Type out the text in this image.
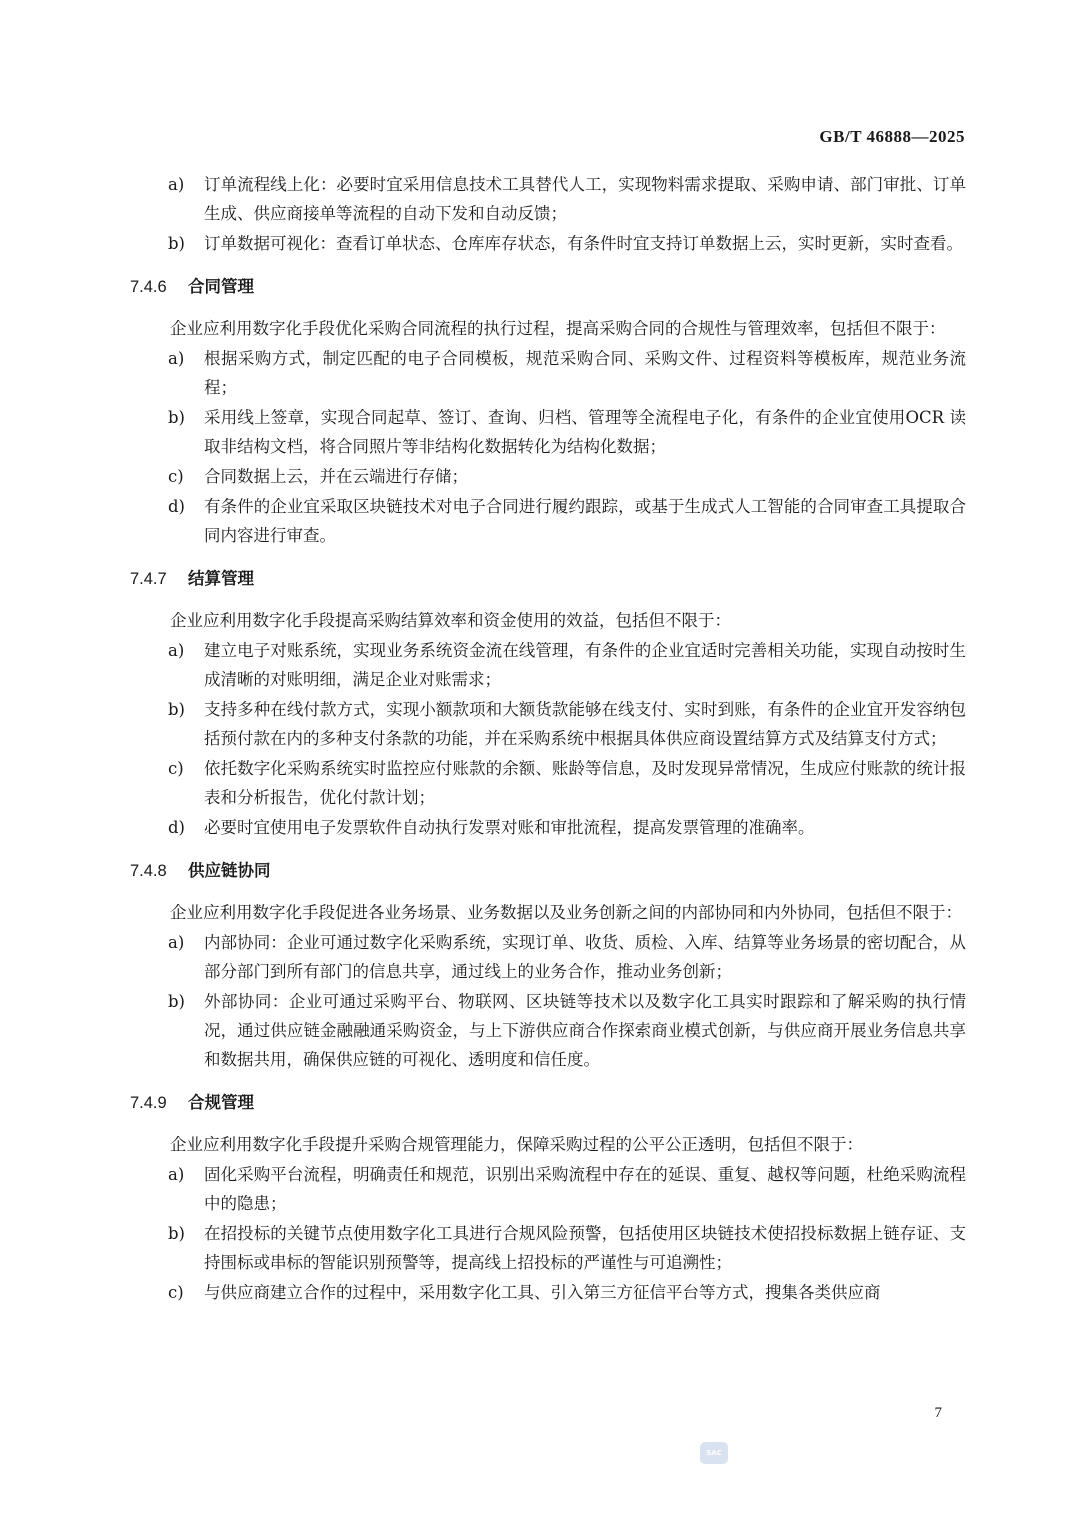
GB/T 46888—2025
a) 订单流程线上化：必要时宜采用信息技术工具替代人工，实现物料需求提取、采购申请、部门审批、订单生成、供应商接单等流程的自动下发和自动反馈；
b) 订单数据可视化：查看订单状态、仓库库存状态，有条件时宜支持订单数据上云，实时更新，实时查看。
7.4.6 合同管理

企业应利用数字化手段优化采购合同流程的执行过程，提高采购合同的合规性与管理效率，包括但不限于：

a) 根据采购方式，制定匹配的电子合同模板，规范采购合同、采购文件、过程资料等模板库，规范业务流程；
b) 采用线上签章，实现合同起草、签订、查询、归档、管理等全流程电子化，有条件的企业宜使用OCR 读取非结构文档，将合同照片等非结构化数据转化为结构化数据；
c) 合同数据上云，并在云端进行存储；
d) 有条件的企业宜采取区块链技术对电子合同进行履约跟踪，或基于生成式人工智能的合同审查工具提取合同内容进行审查。
7.4.7 结算管理

企业应利用数字化手段提高采购结算效率和资金使用的效益，包括但不限于：

a) 建立电子对账系统，实现业务系统资金流在线管理，有条件的企业宜适时完善相关功能，实现自动按时生成清晰的对账明细，满足企业对账需求；
b) 支持多种在线付款方式，实现小额款项和大额货款能够在线支付、实时到账，有条件的企业宜开发容纳包括预付款在内的多种支付条款的功能，并在采购系统中根据具体供应商设置结算方式及结算支付方式；
c) 依托数字化采购系统实时监控应付账款的余额、账龄等信息，及时发现异常情况，生成应付账款的统计报表和分析报告，优化付款计划；
d) 必要时宜使用电子发票软件自动执行发票对账和审批流程，提高发票管理的准确率。
7.4.8 供应链协同

企业应利用数字化手段促进各业务场景、业务数据以及业务创新之间的内部协同和内外协同，包括但不限于：

a) 内部协同：企业可通过数字化采购系统，实现订单、收货、质检、入库、结算等业务场景的密切配合，从部分部门到所有部门的信息共享，通过线上的业务合作，推动业务创新；
b) 外部协同：企业可通过采购平台、物联网、区块链等技术以及数字化工具实时跟踪和了解采购的执行情况，通过供应链金融融通采购资金，与上下游供应商合作探索商业模式创新，与供应商开展业务信息共享和数据共用，确保供应链的可视化、透明度和信任度。
7.4.9 合规管理

企业应利用数字化手段提升采购合规管理能力，保障采购过程的公平公正透明，包括但不限于：

a) 固化采购平台流程，明确责任和规范，识别出采购流程中存在的延误、重复、越权等问题，杜绝采购流程中的隐患；
b) 在招投标的关键节点使用数字化工具进行合规风险预警，包括使用区块链技术使招投标数据上链存证、支持围标或串标的智能识别预警等，提高线上招投标的严谨性与可追溯性；
c) 与供应商建立合作的过程中，采用数字化工具、引入第三方征信平台等方式，搜集各类供应商
7
SAC
